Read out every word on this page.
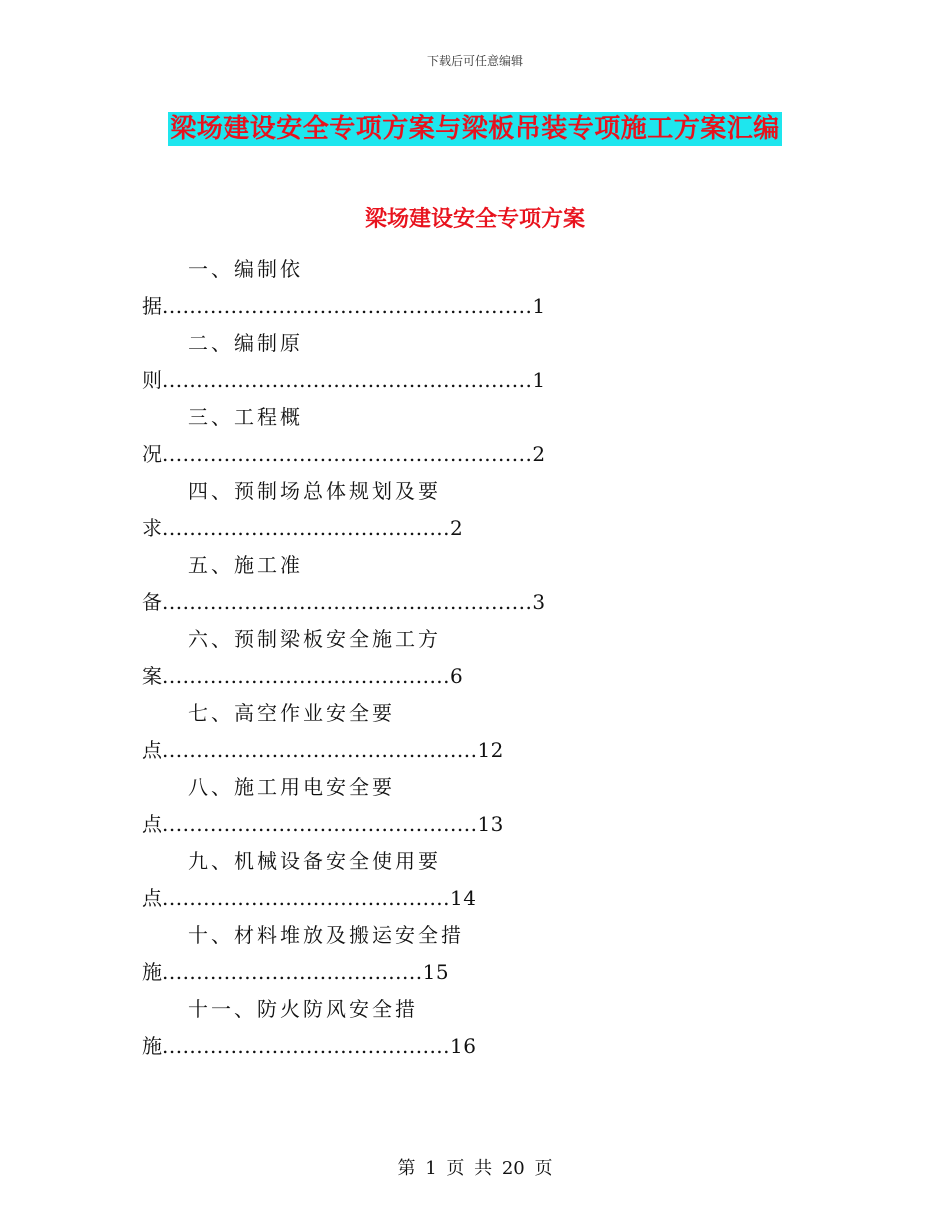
下载后可任意编辑
梁场建设安全专项方案与梁板吊装专项施工方案汇编
梁场建设安全专项方案
一、编制依
据......................................................1
二、编制原
则......................................................1
三、工程概
况......................................................2
四、预制场总体规划及要
求..........................................2
五、施工准
备......................................................3
六、预制梁板安全施工方
案..........................................6
七、高空作业安全要
点..............................................12
八、施工用电安全要
点..............................................13
九、机械设备安全使用要
点..........................................14
十、材料堆放及搬运安全措
施......................................15
十一、防火防风安全措
施..........................................16
第 1 页 共 20 页
